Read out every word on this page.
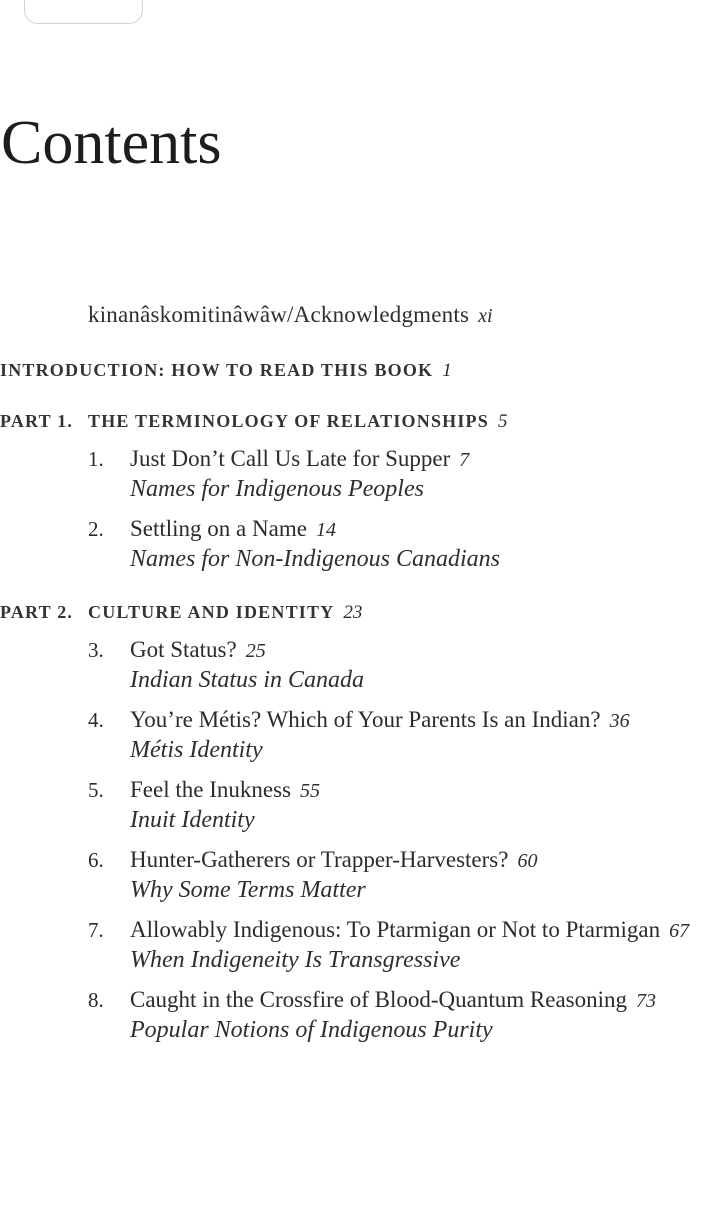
Contents
kinanâskomitinâwâw/Acknowledgments xi
INTRODUCTION: HOW TO READ THIS BOOK 1
PART 1. THE TERMINOLOGY OF RELATIONSHIPS 5
1.	Just Don’t Call Us Late for Supper 7
Names for Indigenous Peoples
2.	Settling on a Name 14
Names for Non-Indigenous Canadians
PART 2. CULTURE AND IDENTITY 23
3.	Got Status? 25
Indian Status in Canada
4.	You’re Métis? Which of Your Parents Is an Indian? 36
Métis Identity
5.	Feel the Inukness 55
Inuit Identity
6.	Hunter-Gatherers or Trapper-Harvesters? 60
Why Some Terms Matter
7.	Allowably Indigenous: To Ptarmigan or Not to Ptarmigan 67
When Indigeneity Is Transgressive
8.	Caught in the Crossfire of Blood-Quantum Reasoning 73
Popular Notions of Indigenous Purity
